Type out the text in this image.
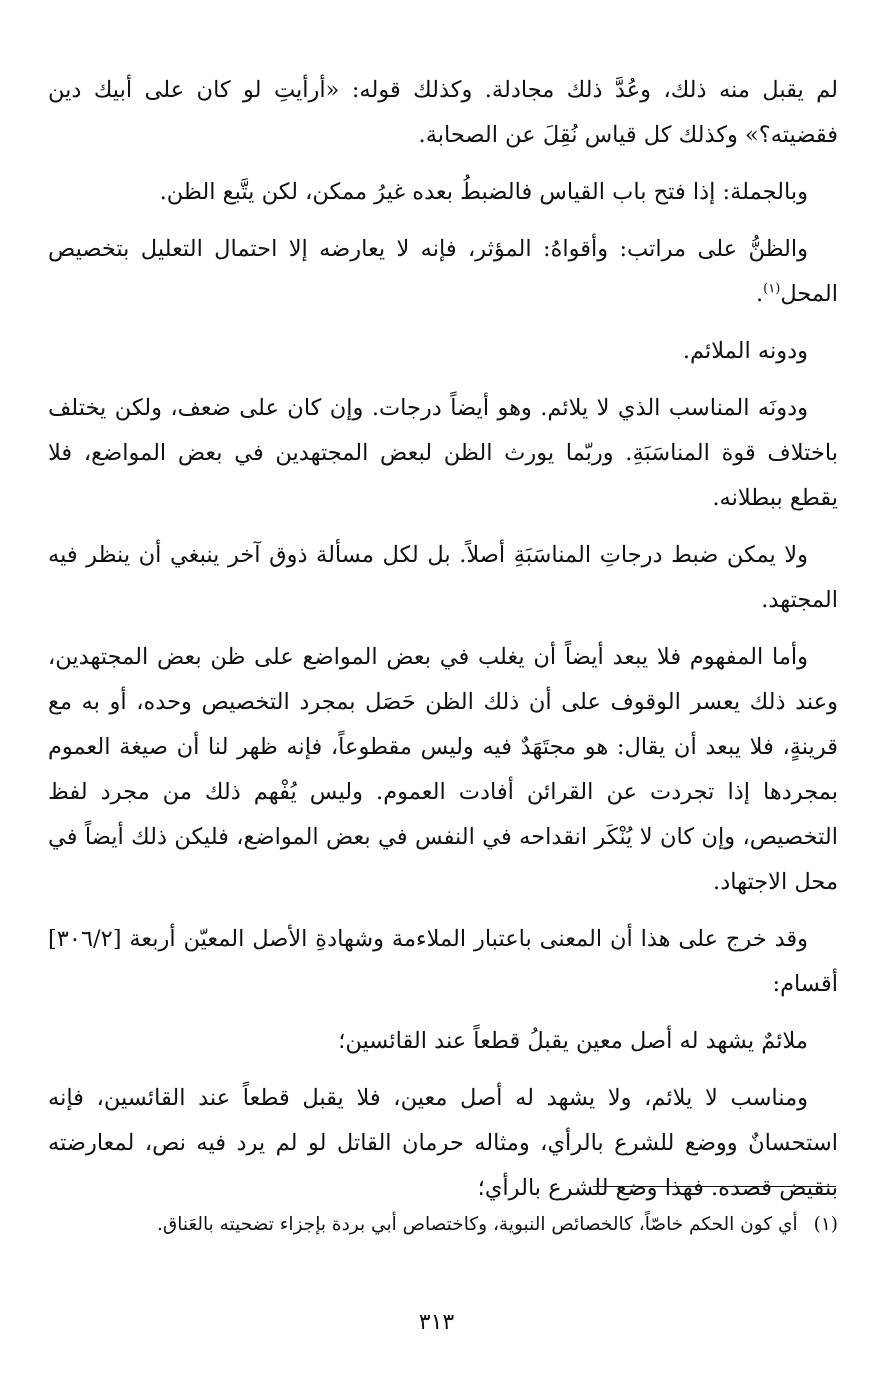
لم يقبل منه ذلك، وعُدَّ ذلك مجادلة. وكذلك قوله: «أرأيتِ لو كان على أبيك دين فقضيته؟» وكذلك كل قياس نُقِلَ عن الصحابة.

وبالجملة: إذا فتح باب القياس فالضبطُ بعده غيرُ ممكن، لكن يتَّبع الظن.

والظنُّ على مراتب: وأقواهُ: المؤثر، فإنه لا يعارضه إلا احتمال التعليل بتخصيص المحل$^{(١)}$.

ودونه الملائم.

ودونَه المناسب الذي لا يلائم. وهو أيضاً درجات. وإن كان على ضعف، ولكن يختلف باختلاف قوة المناسَبَةِ. وربّما يورث الظن لبعض المجتهدين في بعض المواضع، فلا يقطع ببطلانه.

ولا يمكن ضبط درجاتِ المناسَبَةِ أصلاً. بل لكل مسألة ذوق آخر ينبغي أن ينظر فيه المجتهد.

وأما المفهوم فلا يبعد أيضاً أن يغلب في بعض المواضع على ظن بعض المجتهدين، وعند ذلك يعسر الوقوف على أن ذلك الظن حَصَل بمجرد التخصيص وحده، أو به مع قرينةٍ، فلا يبعد أن يقال: هو مجتَهَدٌ فيه وليس مقطوعاً، فإنه ظهر لنا أن صيغة العموم بمجردها إذا تجردت عن القرائن أفادت العموم. وليس يُفْهم ذلك من مجرد لفظ التخصيص، وإن كان لا يُنْكَر انقداحه في النفس في بعض المواضع، فليكن ذلك أيضاً في محل الاجتهاد.

وقد خرج على هذا أن المعنى باعتبار الملاءمة وشهادةِ الأصل المعيّن أربعة [٣٠٦/٢] أقسام:

ملائمٌ يشهد له أصل معين يقبلُ قطعاً عند القائسين؛

ومناسب لا يلائم، ولا يشهد له أصل معين، فلا يقبل قطعاً عند القائسين، فإنه استحسانٌ ووضع للشرع بالرأي، ومثاله حرمان القاتل لو لم يرد فيه نص، لمعارضته بنقيض قصده. فهذا وضع للشرع بالرأي؛

(١)أي كون الحكم خاصّاً، كالخصائص النبوية، وكاختصاص أبي بردة بإجزاء تضحيته بالعَناق.
٣١٣
